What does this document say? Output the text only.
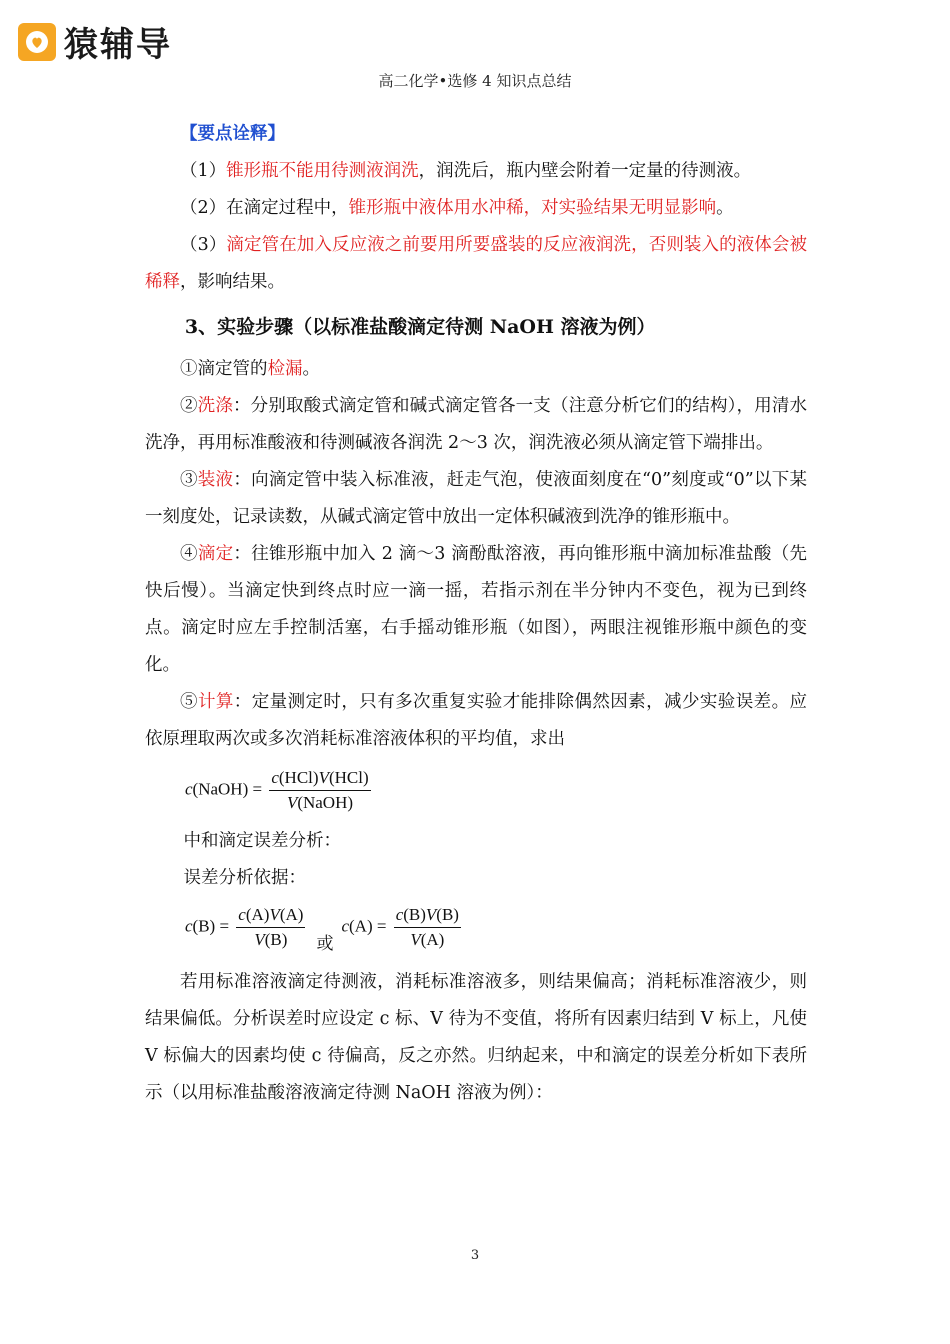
猿辅导
高二化学•选修 4 知识点总结

【要点诠释】

（1）锥形瓶不能用待测液润洗，润洗后，瓶内壁会附着一定量的待测液。

（2）在滴定过程中，锥形瓶中液体用水冲稀，对实验结果无明显影响。

（3）滴定管在加入反应液之前要用所要盛装的反应液润洗，否则装入的液体会被稀释，影响结果。

3、实验步骤（以标准盐酸滴定待测 NaOH 溶液为例）

①滴定管的检漏。

②洗涤：分别取酸式滴定管和碱式滴定管各一支（注意分析它们的结构），用清水洗净，再用标准酸液和待测碱液各润洗 2～3 次，润洗液必须从滴定管下端排出。

③装液：向滴定管中装入标准液，赶走气泡，使液面刻度在“0”刻度或“0”以下某一刻度处，记录读数，从碱式滴定管中放出一定体积碱液到洗净的锥形瓶中。

④滴定：往锥形瓶中加入 2 滴～3 滴酚酞溶液，再向锥形瓶中滴加标准盐酸（先快后慢）。当滴定快到终点时应一滴一摇，若指示剂在半分钟内不变色，视为已到终点。滴定时应左手控制活塞，右手摇动锥形瓶（如图），两眼注视锥形瓶中颜色的变化。

⑤计算：定量测定时，只有多次重复实验才能排除偶然因素，减少实验误差。应依原理取两次或多次消耗标准溶液体积的平均值，求出

c(NaOH) = $\frac{\text{c(HCl)V(HCl)}}{\text{V(NaOH)}}$

中和滴定误差分析：

误差分析依据：

$c(B) = \frac{c(A)V(A)}{V(B)}$ 或
$c(A) = \frac{c(B)V(B)}{V(A)}$

若用标准溶液滴定待测液，消耗标准溶液多，则结果偏高；消耗标准溶液少，则结果偏低。分析误差时应设定 c 标、V 待为不变值，将所有因素归结到 V 标上，凡使 V 标偏大的因素均使 c 待偏高，反之亦然。归纳起来，中和滴定的误差分析如下表所示（以用标准盐酸溶液滴定待测 NaOH 溶液为例）：

3
